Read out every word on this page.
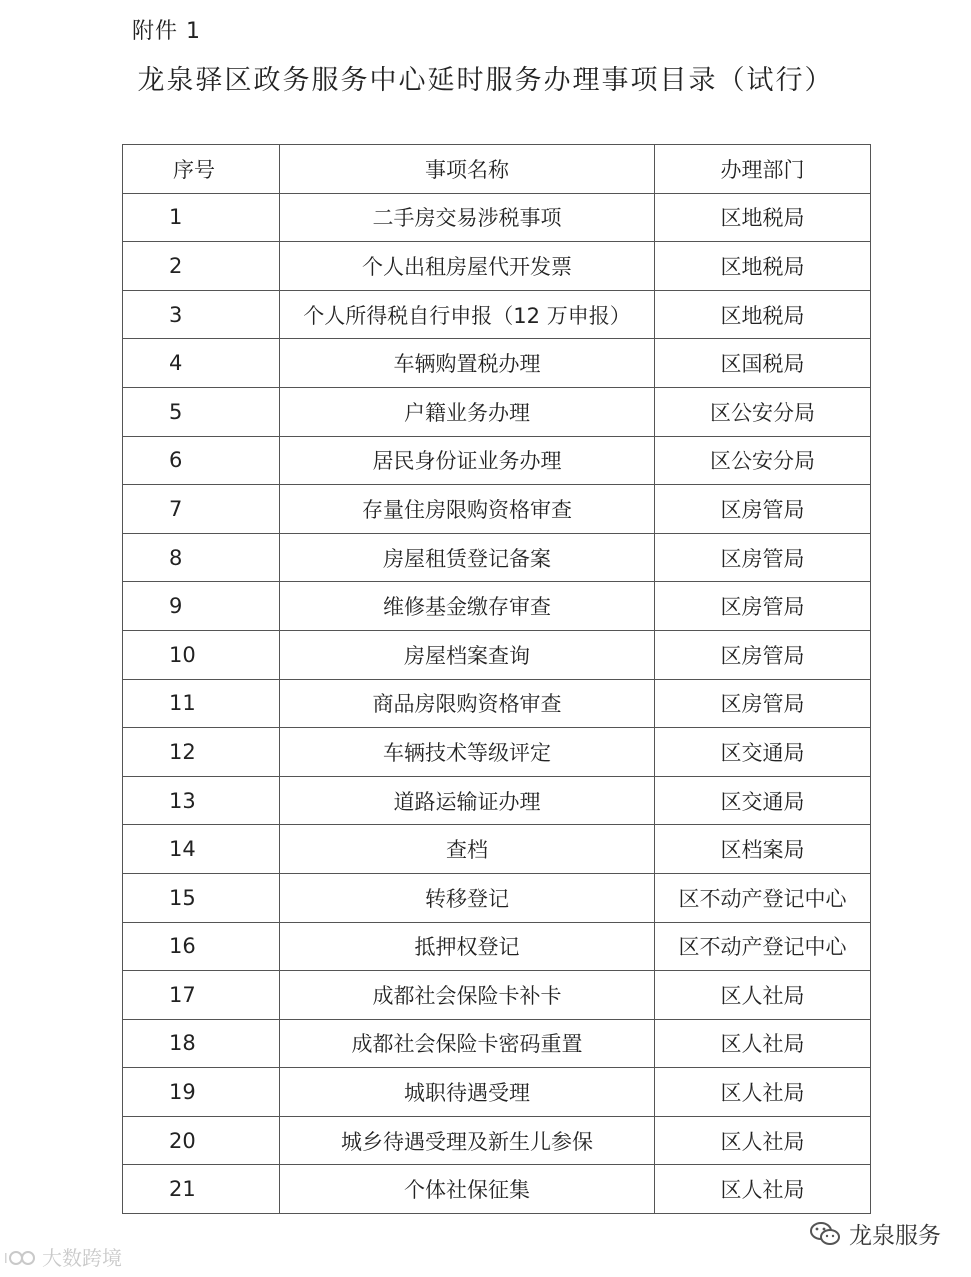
附件 1
龙泉驿区政务服务中心延时服务办理事项目录（试行）
序号	事项名称	办理部门
1	二手房交易涉税事项	区地税局
2	个人出租房屋代开发票	区地税局
3	个人所得税自行申报（12 万申报）	区地税局
4	车辆购置税办理	区国税局
5	户籍业务办理	区公安分局
6	居民身份证业务办理	区公安分局
7	存量住房限购资格审查	区房管局
8	房屋租赁登记备案	区房管局
9	维修基金缴存审查	区房管局
10	房屋档案查询	区房管局
11	商品房限购资格审查	区房管局
12	车辆技术等级评定	区交通局
13	道路运输证办理	区交通局
14	查档	区档案局
15	转移登记	区不动产登记中心
16	抵押权登记	区不动产登记中心
17	成都社会保险卡补卡	区人社局
18	成都社会保险卡密码重置	区人社局
19	城职待遇受理	区人社局
20	城乡待遇受理及新生儿参保	区人社局
21	个体社保征集	区人社局
l 大数跨境
龙泉服务
